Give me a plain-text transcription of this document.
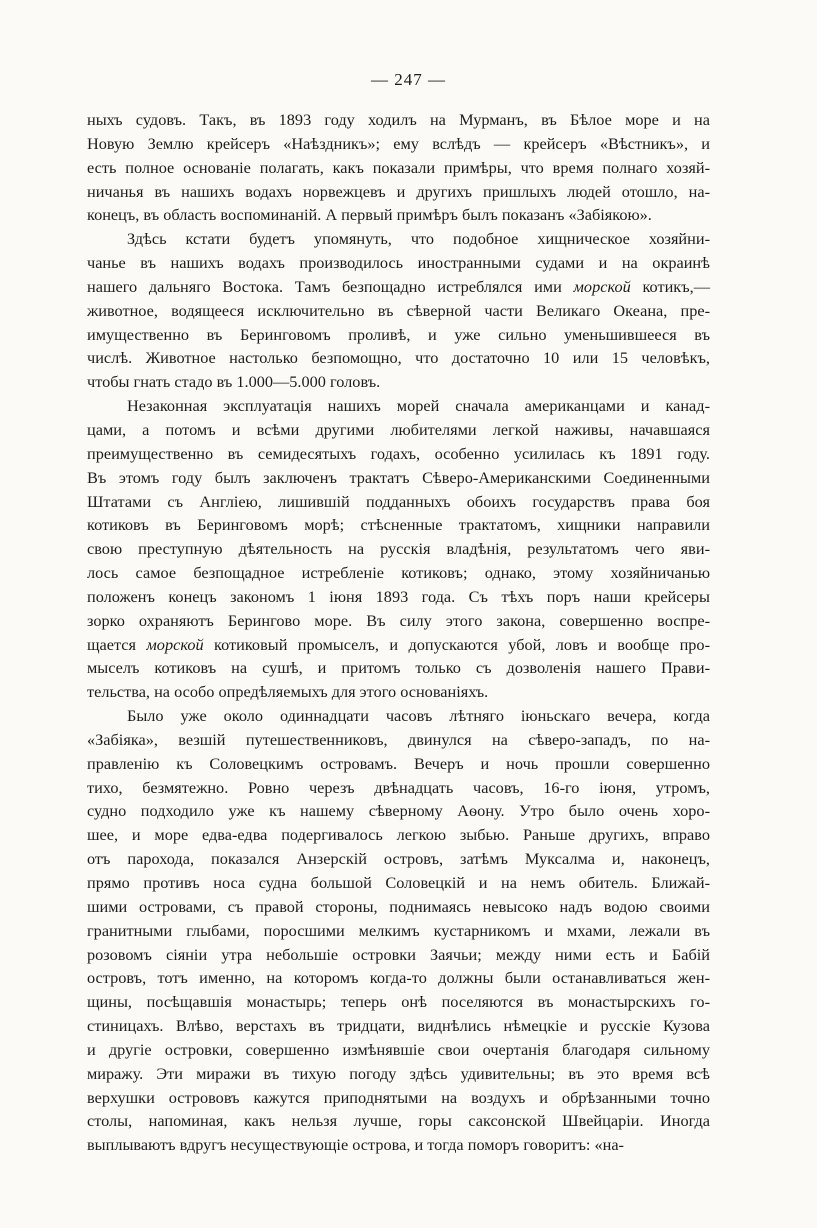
— 247 —
ныхъ судовъ. Такъ, въ 1893 году ходилъ на Мурманъ, въ Бѣлое море и на
Новую Землю крейсеръ «Наѣздникъ»; ему вслѣдъ — крейсеръ «Вѣстникъ», и
есть полное основаніе полагать, какъ показали примѣры, что время полнаго хозяй-
ничанья въ нашихъ водахъ норвежцевъ и другихъ пришлыхъ людей отошло, на-
конецъ, въ область воспоминаній. А первый примѣръ былъ показанъ «Забіякою».
Здѣсь кстати будетъ упомянуть, что подобное хищническое хозяйни-
чанье въ нашихъ водахъ производилось иностранными судами и на окраинѣ
нашего дальняго Востока. Тамъ безпощадно истреблялся ими морской котикъ,—
животное, водящееся исключительно въ сѣверной части Великаго Океана, пре-
имущественно въ Беринговомъ проливѣ, и уже сильно уменьшившееся въ
числѣ. Животное настолько безпомощно, что достаточно 10 или 15 человѣкъ,
чтобы гнать стадо въ 1.000—5.000 головъ.
Незаконная эксплуатація нашихъ морей сначала американцами и канад-
цами, а потомъ и всѣми другими любителями легкой наживы, начавшаяся
преимущественно въ семидесятыхъ годахъ, особенно усилилась къ 1891 году.
Въ этомъ году былъ заключенъ трактатъ Сѣверо-Американскими Соединенными
Штатами съ Англіею, лишившій подданныхъ обоихъ государствъ права боя
котиковъ въ Беринговомъ морѣ; стѣсненные трактатомъ, хищники направили
свою преступную дѣятельность на русскія владѣнія, результатомъ чего яви-
лось самое безпощадное истребленіе котиковъ; однако, этому хозяйничанью
положенъ конецъ закономъ 1 іюня 1893 года. Съ тѣхъ поръ наши крейсеры
зорко охраняютъ Берингово море. Въ силу этого закона, совершенно воспре-
щается морской котиковый промыселъ, и допускаются убой, ловъ и вообще про-
мыселъ котиковъ на сушѣ, и притомъ только съ дозволенія нашего Прави-
тельства, на особо опредѣляемыхъ для этого основаніяхъ.
Было уже около одиннадцати часовъ лѣтняго іюньскаго вечера, когда
«Забіяка», везшій путешественниковъ, двинулся на сѣверо-западъ, по на-
правленію къ Соловецкимъ островамъ. Вечеръ и ночь прошли совершенно
тихо, безмятежно. Ровно черезъ двѣнадцать часовъ, 16-го іюня, утромъ,
судно подходило уже къ нашему сѣверному Аѳону. Утро было очень хоро-
шее, и море едва-едва подергивалось легкою зыбью. Раньше другихъ, вправо
отъ парохода, показался Анзерскій островъ, затѣмъ Муксалма и, наконецъ,
прямо противъ носа судна большой Соловецкій и на немъ обитель. Ближай-
шими островами, съ правой стороны, поднимаясь невысоко надъ водою своими
гранитными глыбами, поросшими мелкимъ кустарникомъ и мхами, лежали въ
розовомъ сіяніи утра небольшіе островки Заячьи; между ними есть и Бабій
островъ, тотъ именно, на которомъ когда-то должны были останавливаться жен-
щины, посѣщавшія монастырь; теперь онѣ поселяются въ монастырскихъ го-
стиницахъ. Влѣво, верстахъ въ тридцати, виднѣлись нѣмецкіе и русскіе Кузова
и другіе островки, совершенно измѣнявшіе свои очертанія благодаря сильному
миражу. Эти миражи въ тихую погоду здѣсь удивительны; въ это время всѣ
верхушки острововъ кажутся приподнятыми на воздухъ и обрѣзанными точно
столы, напоминая, какъ нельзя лучше, горы саксонской Швейцаріи. Иногда
выплываютъ вдругъ несуществующіе острова, и тогда поморъ говоритъ: «на-
